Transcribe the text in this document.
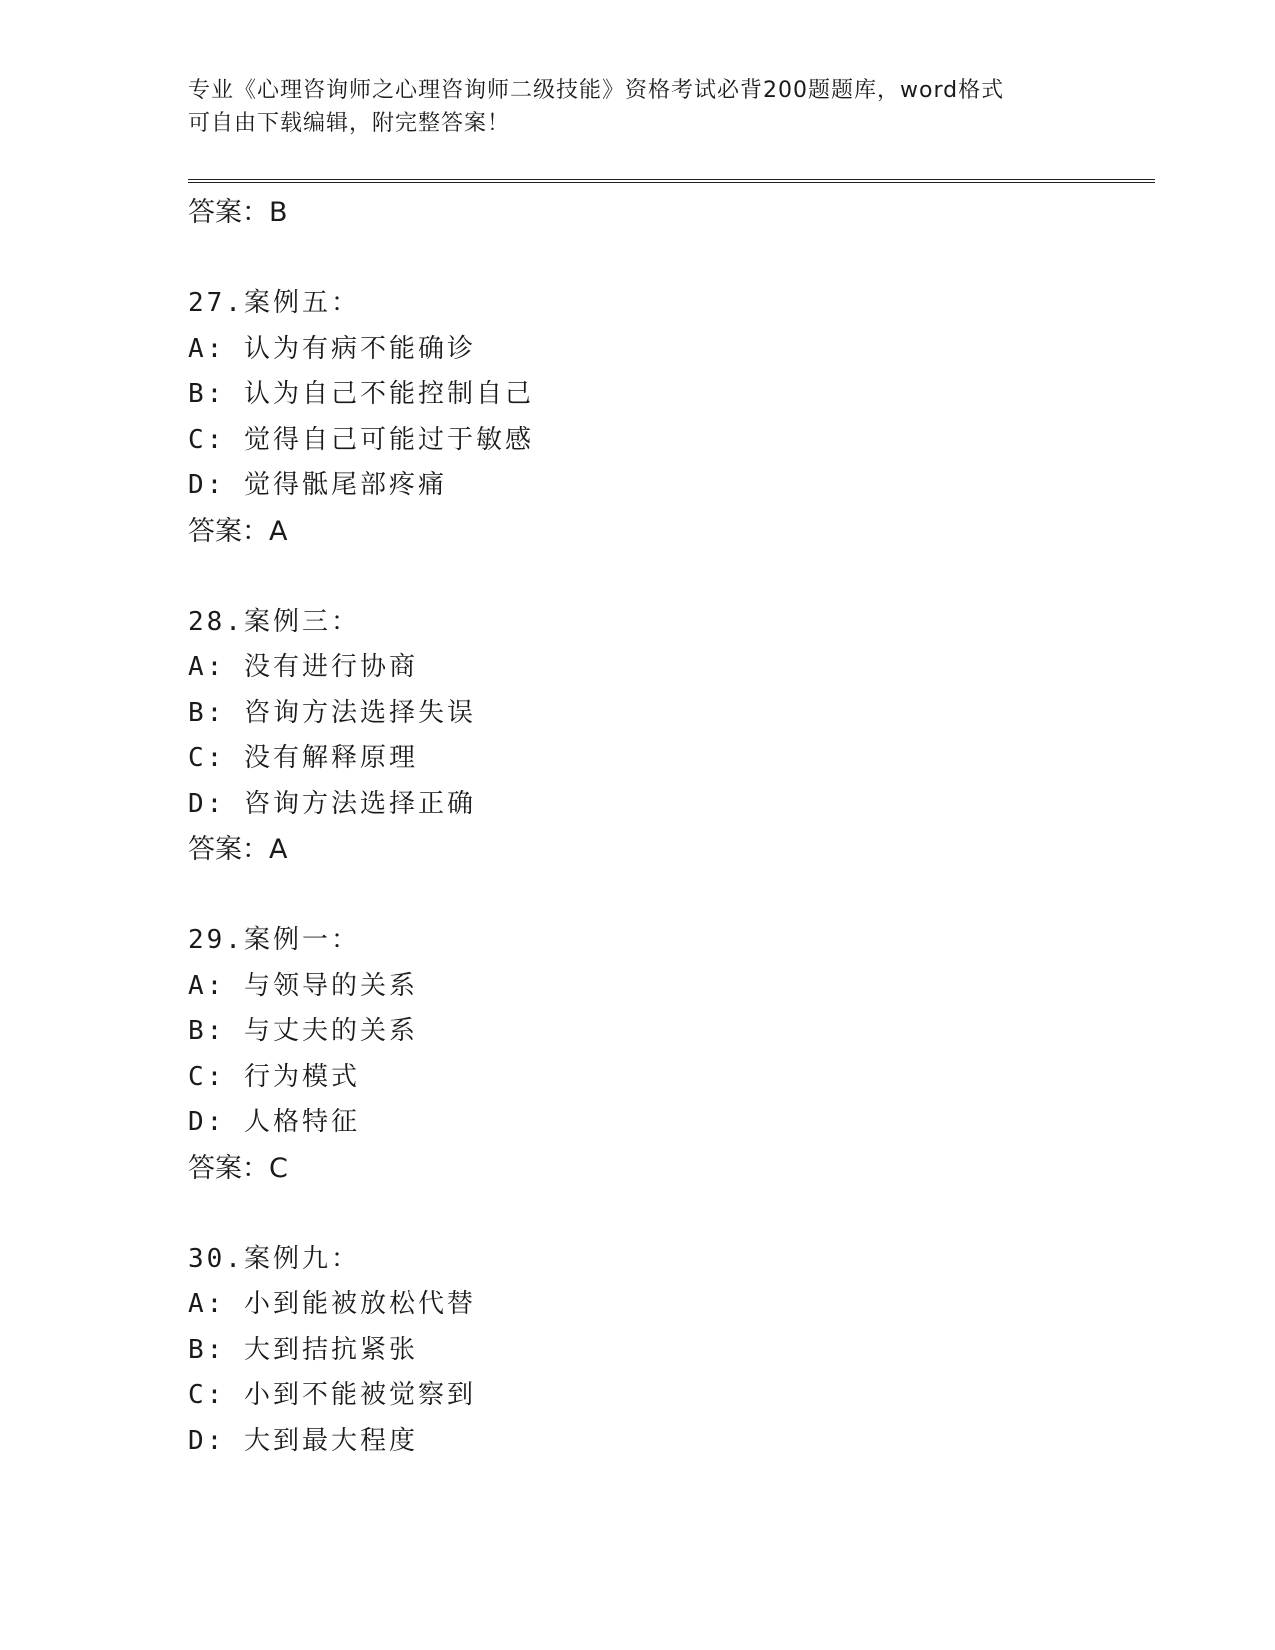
专业《心理咨询师之心理咨询师二级技能》资格考试必背200题题库，word格式
可自由下载编辑，附完整答案！
答案：B
27.案例五：
A: 认为有病不能确诊
B: 认为自己不能控制自己
C: 觉得自己可能过于敏感
D: 觉得骶尾部疼痛
答案：A
28.案例三：
A: 没有进行协商
B: 咨询方法选择失误
C: 没有解释原理
D: 咨询方法选择正确
答案：A
29.案例一：
A: 与领导的关系
B: 与丈夫的关系
C: 行为模式
D: 人格特征
答案：C
30.案例九：
A: 小到能被放松代替
B: 大到拮抗紧张
C: 小到不能被觉察到
D: 大到最大程度
